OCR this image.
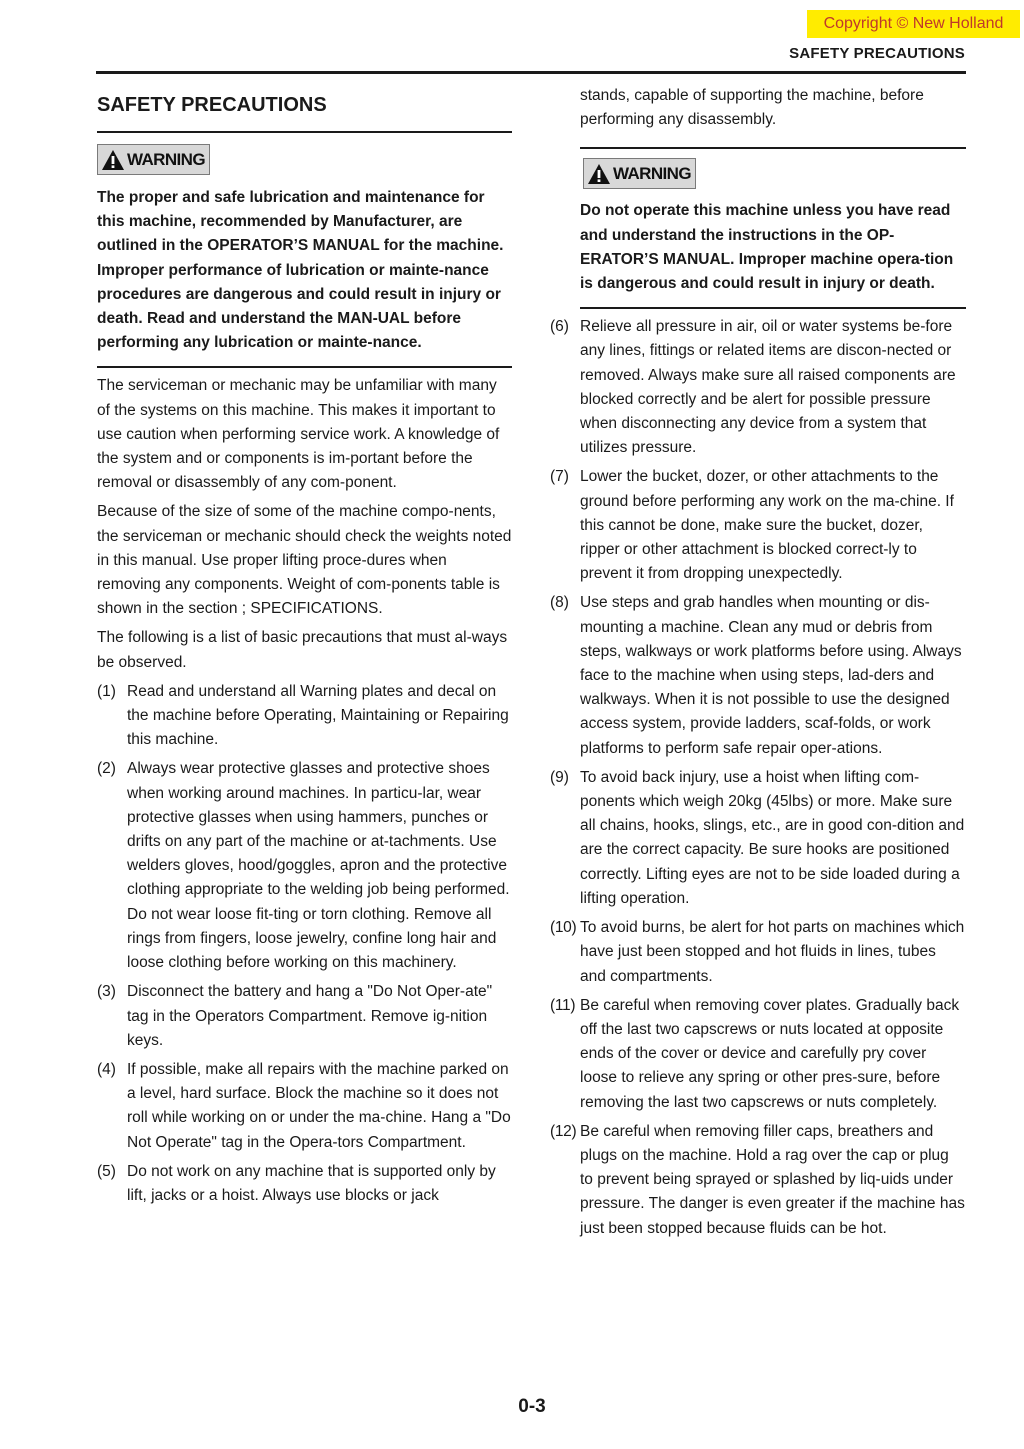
Copyright © New Holland
SAFETY PRECAUTIONS
SAFETY PRECAUTIONS
WARNING
The proper and safe lubrication and maintenance for this machine, recommended by Manufacturer, are outlined in the OPERATOR’S MANUAL for the machine.
Improper performance of lubrication or mainte-nance procedures are dangerous and could result in injury or death. Read and understand the MAN-UAL before performing any lubrication or mainte-nance.

The serviceman or mechanic may be unfamiliar with many of the systems on this machine. This makes it important to use caution when performing service work. A knowledge of the system and or components is im-portant before the removal or disassembly of any com-ponent.

Because of the size of some of the machine compo-nents, the serviceman or mechanic should check the weights noted in this manual. Use proper lifting proce-dures when removing any components. Weight of com-ponents table is shown in the section ; SPECIFICATIONS.

The following is a list of basic precautions that must al-ways be observed.

(1) Read and understand all Warning plates and decal on the machine before Operating, Maintaining or Repairing this machine.
(2) Always wear protective glasses and protective shoes when working around machines. In particu-lar, wear protective glasses when using hammers, punches or drifts on any part of the machine or at-tachments. Use welders gloves, hood/goggles, apron and the protective clothing appropriate to the welding job being performed. Do not wear loose fit-ting or torn clothing. Remove all rings from fingers, loose jewelry, confine long hair and loose clothing before working on this machinery.
(3) Disconnect the battery and hang a "Do Not Oper-ate" tag in the Operators Compartment. Remove ig-nition keys.
(4) If possible, make all repairs with the machine parked on a level, hard surface. Block the machine so it does not roll while working on or under the ma-chine. Hang a "Do Not Operate" tag in the Opera-tors Compartment.
(5) Do not work on any machine that is supported only by lift, jacks or a hoist. Always use blocks or jack
stands, capable of supporting the machine, before performing any disassembly.
WARNING
Do not operate this machine unless you have read and understand the instructions in the OP-ERATOR’S MANUAL. Improper machine opera-tion is dangerous and could result in injury or death.
(6) Relieve all pressure in air, oil or water systems be-fore any lines, fittings or related items are discon-nected or removed. Always make sure all raised components are blocked correctly and be alert for possible pressure when disconnecting any device from a system that utilizes pressure.
(7) Lower the bucket, dozer, or other attachments to the ground before performing any work on the ma-chine. If this cannot be done, make sure the bucket, dozer, ripper or other attachment is blocked correct-ly to prevent it from dropping unexpectedly.
(8) Use steps and grab handles when mounting or dis-mounting a machine. Clean any mud or debris from steps, walkways or work platforms before using. Always face to the machine when using steps, lad-ders and walkways. When it is not possible to use the designed access system, provide ladders, scaf-folds, or work platforms to perform safe repair oper-ations.
(9) To avoid back injury, use a hoist when lifting com-ponents which weigh 20kg (45lbs) or more. Make sure all chains, hooks, slings, etc., are in good con-dition and are the correct capacity. Be sure hooks are positioned correctly. Lifting eyes are not to be side loaded during a lifting operation.
(10) To avoid burns, be alert for hot parts on machines which have just been stopped and hot fluids in lines, tubes and compartments.
(11) Be careful when removing cover plates. Gradually back off the last two capscrews or nuts located at opposite ends of the cover or device and carefully pry cover loose to relieve any spring or other pres-sure, before removing the last two capscrews or nuts completely.
(12) Be careful when removing filler caps, breathers and plugs on the machine. Hold a rag over the cap or plug to prevent being sprayed or splashed by liq-uids under pressure. The danger is even greater if the machine has just been stopped because fluids can be hot.
0-3
